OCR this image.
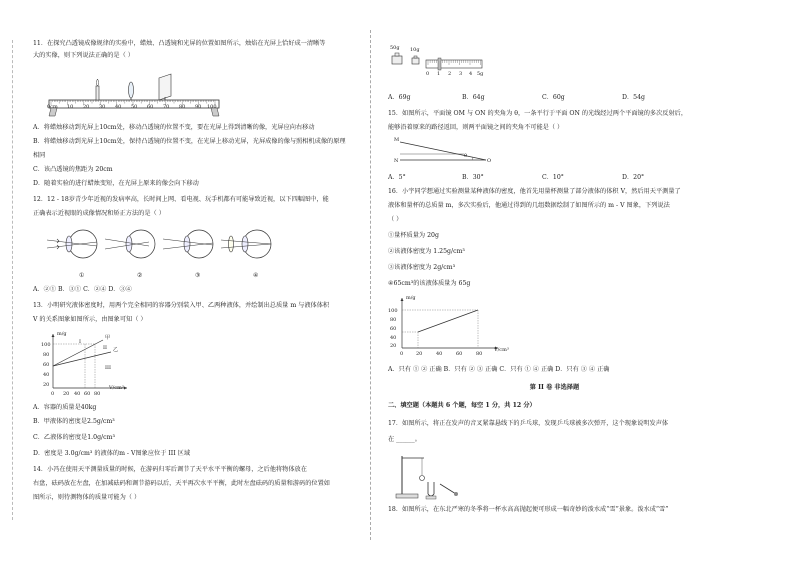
11．在探究凸透镜成像规律的实验中，蜡烛、凸透镜和光屏的位置如图所示，烛焰在光屏上恰好成一清晰等

大的实像，则下列说法正确的是（ ）

0cm 10 20 30 40 50 60 70 80 90 100

A．将蜡烛移动到光屏上10cm处，移动凸透镜的位置不变，要在光屏上得到清晰的像，光屏应向右移动

B．将蜡烛移动到光屏上10cm处，保持凸透镜的位置不变，在光屏上移动光屏，光屏成像的像与照相机成像的原理

相同

C．该凸透镜的焦距为 20cm

D．随着实验的进行蜡烛变短，在光屏上原来的像会向下移动

12．12 - 18岁青少年近视的发病率高，长时间上网、看电视、玩手机都有可能导致近视，以下四幅图中，能

正确表示近视眼的成像情况和矫正方法的是（ ）

①	②	③	④

A．②① B．③① C．②④ D．③④

13．小明研究液体密度时，用两个完全相同的容器分别装入甲、乙两种液体，并绘制出总质量 m 与液体体积

V 的关系图象如图所示，由图象可知（ ）

m/g
V/cm³
100
80
60
40
20
0 20 40 60 80
甲
乙
I
II
III

A．容器的质量是40kg

B．甲液体的密度是2.5g/cm³

C．乙液体的密度是1.0g/cm³

D．密度是 3.0g/cm³ 的液体的m - V图象应位于 III 区域

14．小冯在使用天平测量质量的时候，在游码归零后调节了天平水平平衡的螺母，之后他将物体放在

右盘，砝码放在左盘，在加减砝码和调节游码以后，天平再次水平平衡，此时左盘砝码的质量和游码的位置如

图所示，则待测物体的质量可能为（ ）

50g 10g
0 1 2 3 4 5g

A．69g	B．64g	C．60g	D．54g

15．如图所示，平面镜 OM 与 ON 的夹角为 θ，一条平行于平面 ON 的光线经过两个平面镜的多次反射后，

能够沿着原来的路径返回，则两平面镜之间的夹角不可能是（ ）

M
N	O
θ

A．5°	B．30°	C．10°	D．20°

16．小宇同学想通过实验测量某种液体的密度，他首先用量杯测量了部分液体的体积 V，然后用天平测量了

液体和量杯的总质量 m，多次实验后，他通过得到的几组数据绘制了如图所示的 m - V 图象，下列说法

（ ）

①量杯质量为 20g

②该液体密度为 1.25g/cm³

③该液体密度为 2g/cm³

④65cm³的该液体质量为 65g

m/g
V/cm³
100
80
60
40
20
0	20	40	60	80

A．只有 ① ② 正确 B．只有 ② ③ 正确 C．只有 ① ④ 正确 D．只有 ③ ④ 正确

第 II 卷 非选择题

二、填空题（本题共 6 个题，每空 1 分，共 12 分）

17．如图所示，将正在发声的音叉紧靠悬线下的乒乓球，发现乒乓球被多次弹开，这个现象说明发声体

在 ______。

18．如图所示，在东北严寒的冬季将一杯水高高抛起便可形成一幅奇妙的泼水成“雪”景象。泼水成“雪”
